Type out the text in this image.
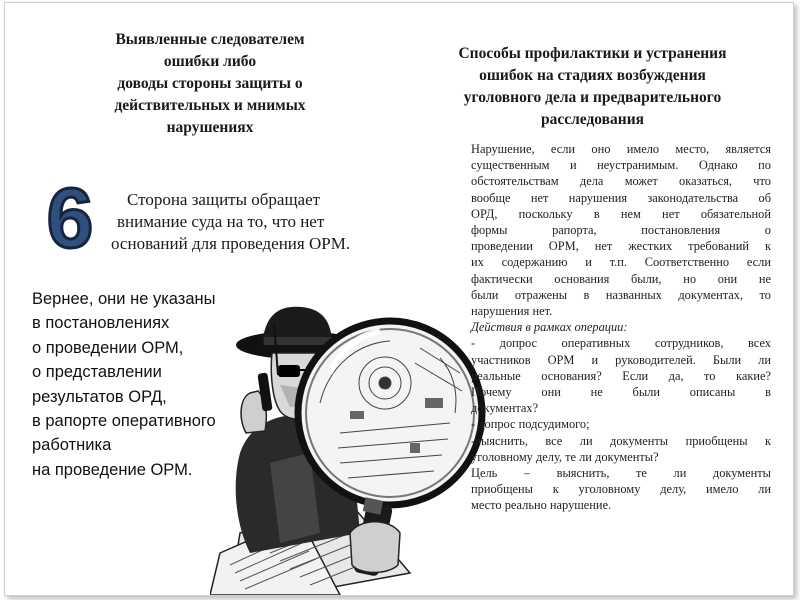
Выявленные следователем
ошибки либо
доводы стороны защиты о
действительных и мнимых
нарушениях
6	Сторона защиты обращает
внимание суда на то, что нет
оснований для проведения ОРМ.
Вернее, они не указаны
в постановлениях
о проведении ОРМ,
о представлении
результатов ОРД,
в рапорте оперативного
работника
на проведение ОРМ.
Способы профилактики и устранения
ошибок на стадиях возбуждения
уголовного дела и предварительного
расследования
Нарушение, если оно имело место, является
существенным и неустранимым. Однако по
обстоятельствам дела может оказаться, что
вообще нет нарушения законодательства об
ОРД, поскольку в нем нет обязательной
формы рапорта, постановления о
проведении ОРМ, нет жестких требований к
их содержанию и т.п. Соответственно если
фактически основания были, но они не
были отражены в названных документах, то
нарушения нет.
Действия в рамках операции:
- допрос оперативных сотрудников, всех
участников ОРМ и руководителей. Были ли
реальные основания? Если да, то какие?
Почему они не были описаны в
документах?
- допрос подсудимого;
-выяснить, все ли документы приобщены к
уголовному делу, те ли документы?
Цель – выяснить, те ли документы
приобщены к уголовному делу, имело ли
место реально нарушение.
